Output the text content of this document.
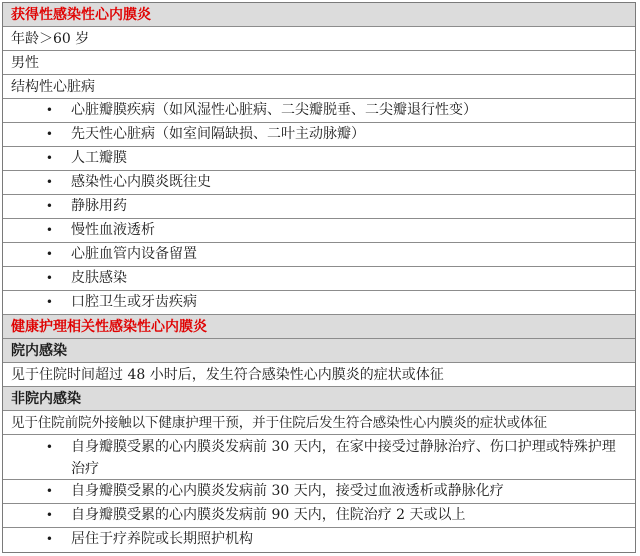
获得性感染性心内膜炎
年龄＞60 岁
男性
结构性心脏病
•	心脏瓣膜疾病（如风湿性心脏病、二尖瓣脱垂、二尖瓣退行性变）
•	先天性心脏病（如室间隔缺损、二叶主动脉瓣）
•	人工瓣膜
•	感染性心内膜炎既往史
•	静脉用药
•	慢性血液透析
•	心脏血管内设备留置
•	皮肤感染
•	口腔卫生或牙齿疾病
健康护理相关性感染性心内膜炎
院内感染
见于住院时间超过 48 小时后，发生符合感染性心内膜炎的症状或体征
非院内感染
见于住院前院外接触以下健康护理干预，并于住院后发生符合感染性心内膜炎的症状或体征
•	自身瓣膜受累的心内膜炎发病前 30 天内，在家中接受过静脉治疗、伤口护理或特殊护理治疗
•	自身瓣膜受累的心内膜炎发病前 30 天内，接受过血液透析或静脉化疗
•	自身瓣膜受累的心内膜炎发病前 90 天内，住院治疗 2 天或以上
•	居住于疗养院或长期照护机构
